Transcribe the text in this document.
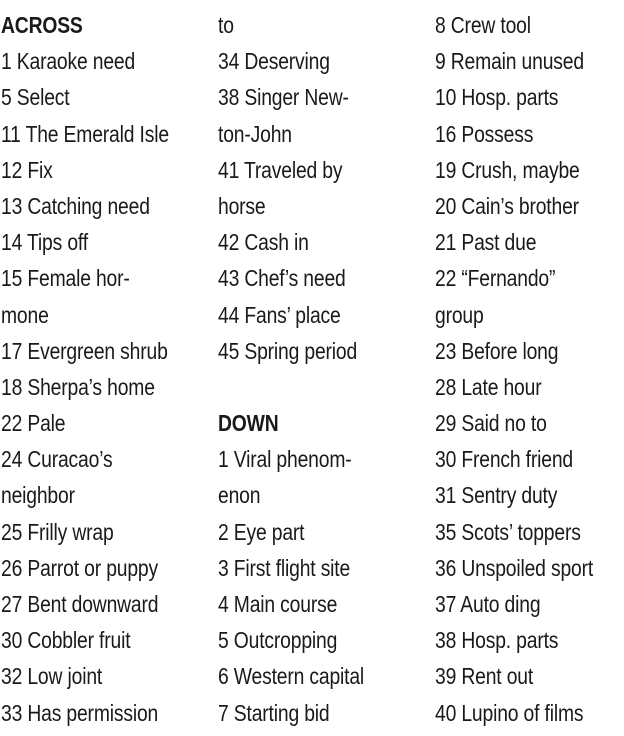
ACROSS
1 Karaoke need
5 Select
11 The Emerald Isle
12 Fix
13 Catching need
14 Tips off
15 Female hor-
mone
17 Evergreen shrub
18 Sherpa’s home
22 Pale
24 Curacao’s
neighbor
25 Frilly wrap
26 Parrot or puppy
27 Bent downward
30 Cobbler fruit
32 Low joint
33 Has permission
to
34 Deserving
38 Singer New-
ton-John
41 Traveled by
horse
42 Cash in
43 Chef’s need
44 Fans’ place
45 Spring period
DOWN
1 Viral phenom-
enon
2 Eye part
3 First flight site
4 Main course
5 Outcropping
6 Western capital
7 Starting bid
8 Crew tool
9 Remain unused
10 Hosp. parts
16 Possess
19 Crush, maybe
20 Cain’s brother
21 Past due
22 “Fernando”
group
23 Before long
28 Late hour
29 Said no to
30 French friend
31 Sentry duty
35 Scots’ toppers
36 Unspoiled sport
37 Auto ding
38 Hosp. parts
39 Rent out
40 Lupino of films
